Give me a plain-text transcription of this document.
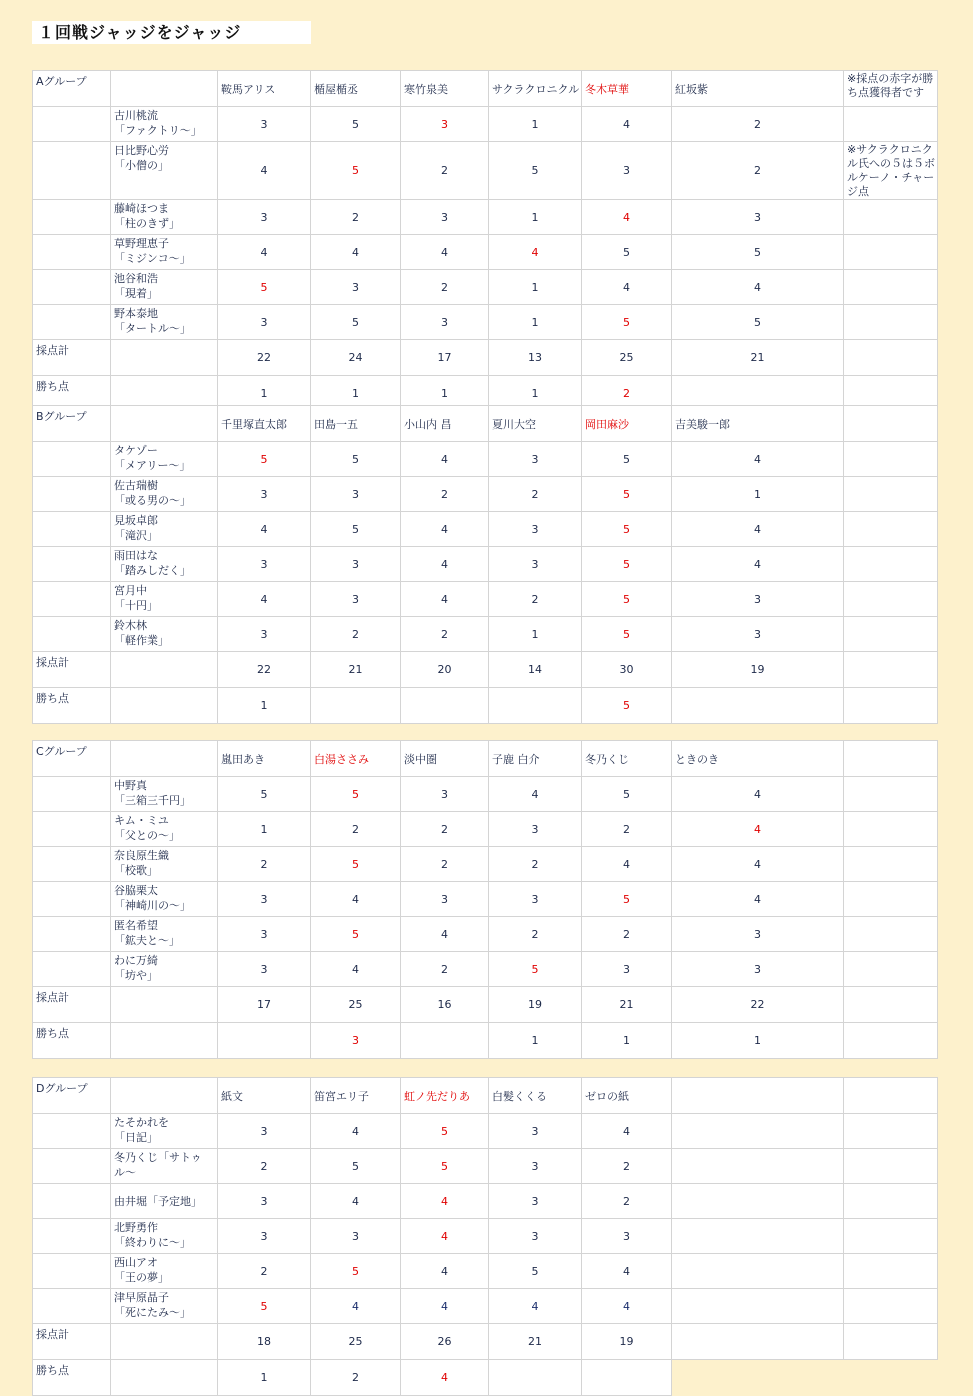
１回戦ジャッジをジャッジ
Aグループ		鞍馬アリス	楯屋楯丞	寒竹泉美	サクラクロニクル	冬木草華	紅坂紫	※採点の赤字が勝ち点獲得者です

	古川桃流
「ファクトリ～」	3	5	3	1	4	2	

	日比野心労
「小僧の」	4	5	2	5	3	2	※サクラクロニクル氏への５は５ボルケーノ・チャージ点

	藤崎ほつま
「柱のきず」	3	2	3	1	4	3	

	草野理恵子
「ミジンコ～」	4	4	4	4	5	5	

	池谷和浩
「現着」	5	3	2	1	4	4	

	野本泰地
「タートル～」	3	5	3	1	5	5	
採点計		22	24	17	13	25	21	
勝ち点		1	1	1	1	2		
Bグループ		千里塚直太郎	田島一五	小山内 昌	夏川大空	岡田麻沙	吉美駿一郎	

	タケゾー
「メアリー～」	5	5	4	3	5	4	

	佐古瑞樹
「或る男の～」	3	3	2	2	5	1	

	見坂卓郎
「滝沢」	4	5	4	3	5	4	

	雨田はな
「踏みしだく」	3	3	4	3	5	4	

	宮月中
「十円」	4	3	4	2	5	3	

	鈴木林
「軽作業」	3	2	2	1	5	3	
採点計		22	21	20	14	30	19	
勝ち点		1				5		
Cグループ		嵐田あき	白湯ささみ	淡中圏	子鹿 白介	冬乃くじ	ときのき	

	中野真
「三箱三千円」	5	5	3	4	5	4	

	キム・ミユ
「父との～」	1	2	2	3	2	4	

	奈良原生織
「校歌」	2	5	2	2	4	4	

	谷脇栗太
「神崎川の～」	3	4	3	3	5	4	

	匿名希望
「鉱夫と～」	3	5	4	2	2	3	

	わに万綺
「坊や」	3	4	2	5	3	3	
採点計		17	25	16	19	21	22	
勝ち点			3		1	1	1	
Dグループ		紙文	笛宮エリ子	虹ノ先だりあ	白髪くくる	ゼロの紙		

	たそかれを
「日記」	3	4	5	3	4		

	冬乃くじ「サトゥ
ル～	2	5	5	3	2		

	由井堀「予定地」	3	4	4	3	2		

	北野勇作
「終わりに～」	3	3	4	3	3		

	西山アオ
「王の夢」	2	5	4	5	4		

	津早原晶子
「死にたみ～」	5	4	4	4	4		
採点計		18	25	26	21	19		
勝ち点		1	2	4				
